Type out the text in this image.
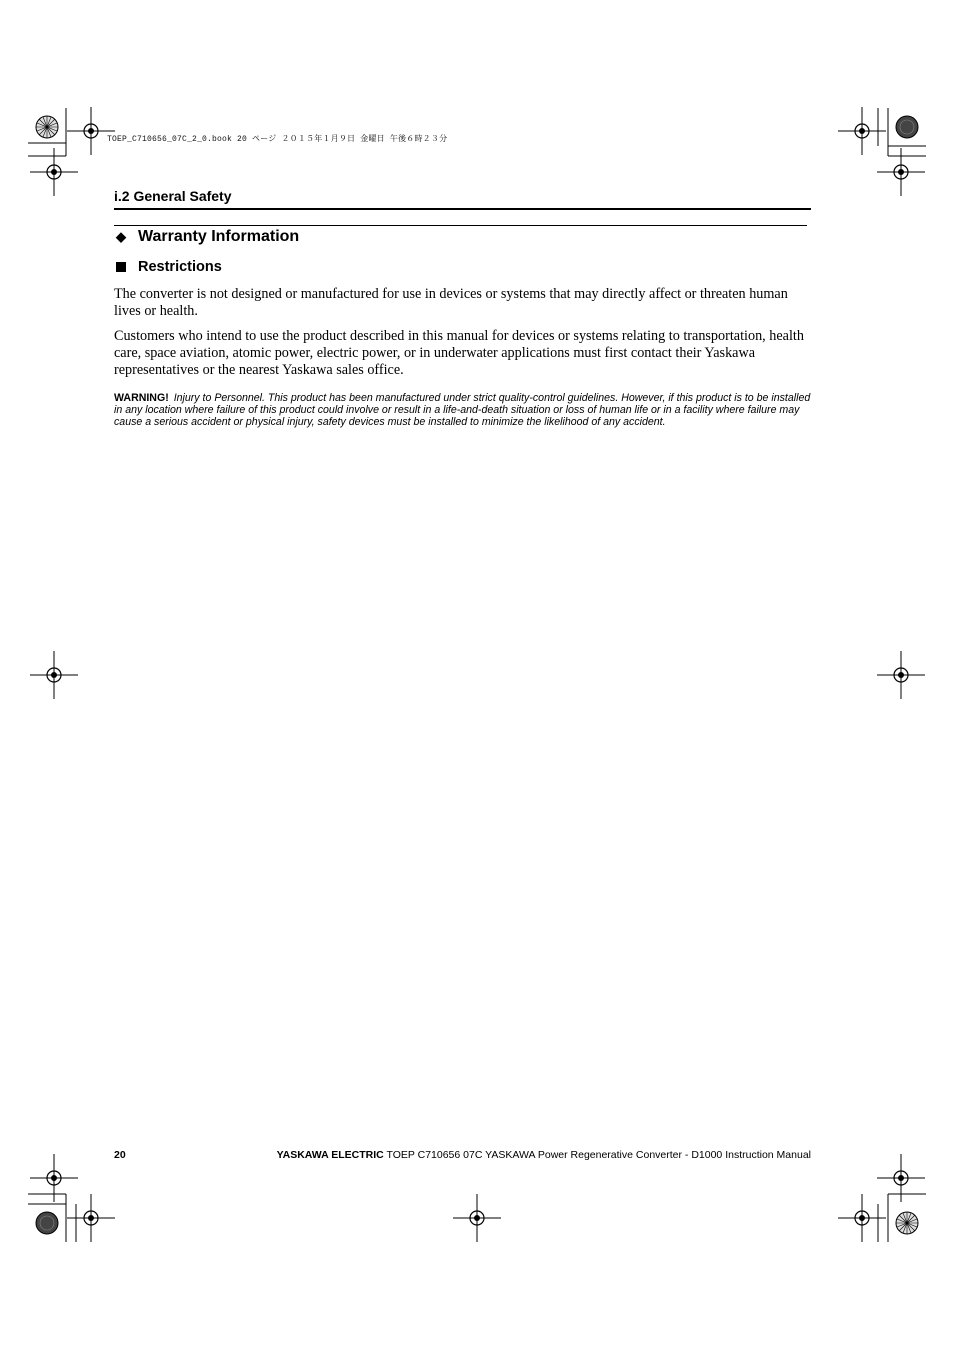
TOEP_C710656_07C_2_0.book 20 ページ ２０１５年１月９日 金曜日 午後６時２３分
i.2 General Safety
◆ Warranty Information
Restrictions
The converter is not designed or manufactured for use in devices or systems that may directly affect or threaten human lives or health.
Customers who intend to use the product described in this manual for devices or systems relating to transportation, health care, space aviation, atomic power, electric power, or in underwater applications must first contact their Yaskawa representatives or the nearest Yaskawa sales office.
WARNING! Injury to Personnel. This product has been manufactured under strict quality-control guidelines. However, if this product is to be installed in any location where failure of this product could involve or result in a life-and-death situation or loss of human life or in a facility where failure may cause a serious accident or physical injury, safety devices must be installed to minimize the likelihood of any accident.
20	YASKAWA ELECTRIC TOEP C710656 07C YASKAWA Power Regenerative Converter - D1000 Instruction Manual
